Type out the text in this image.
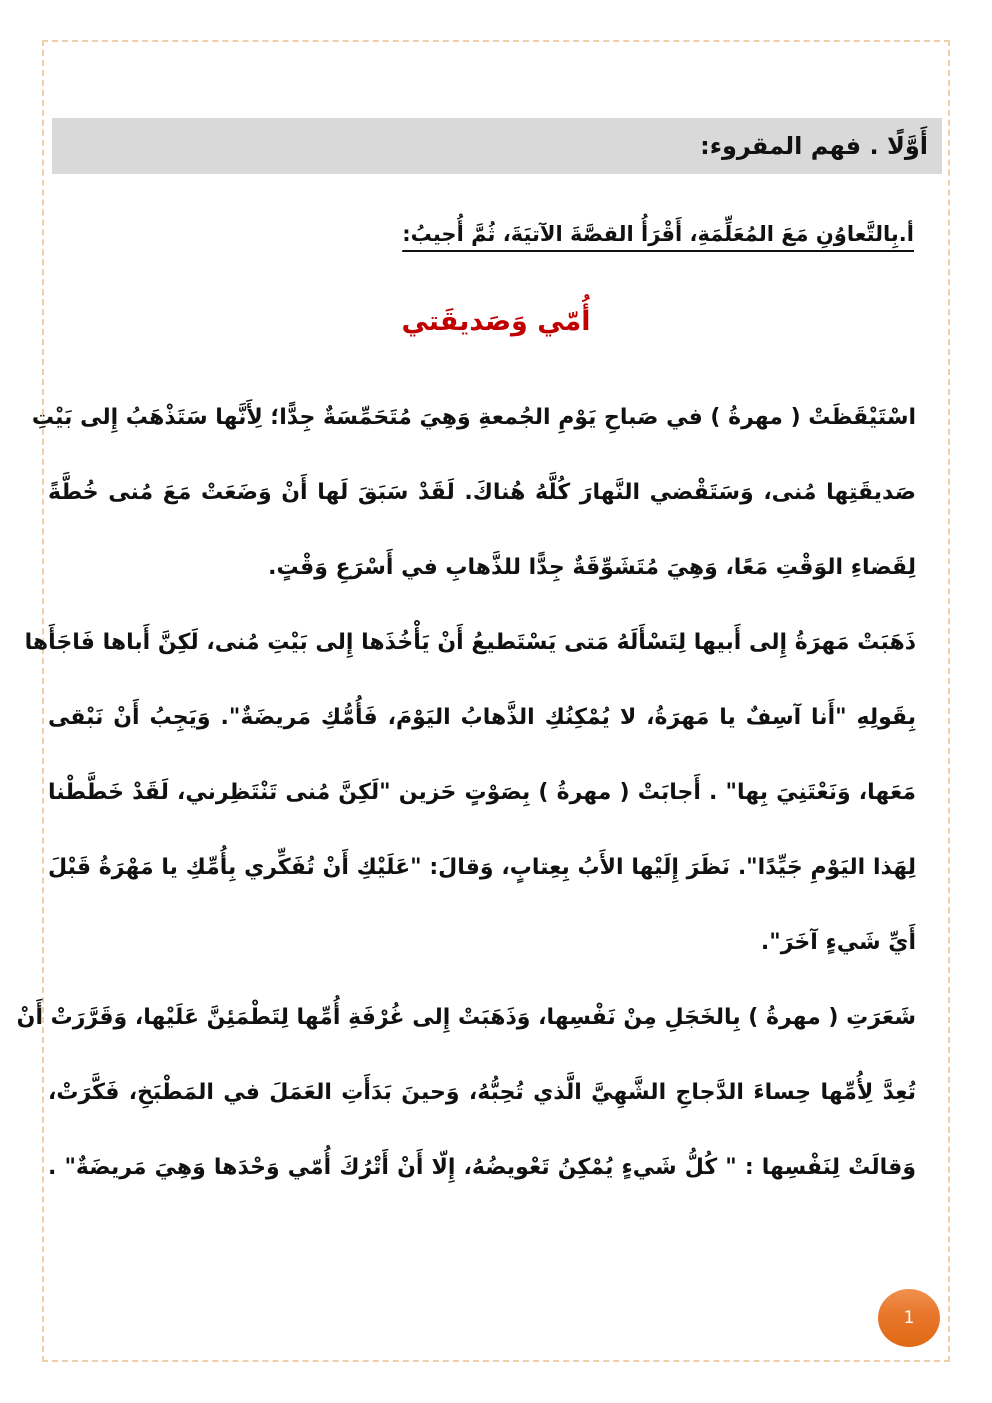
أَوَّلًا . فهم المقروء:
أ.بِالتَّعاوُنِ مَعَ المُعَلِّمَةِ، أَقْرَأُ القصَّةَ الآتيَةَ، ثُمَّ أُجيبُ:
أُمّي وَصَديقَتي
اسْتَيْقَظَتْ ( مهرةُ ) في صَباحِ يَوْمِ الجُمعةِ وَهِيَ مُتَحَمِّسَةٌ جِدًّا؛ لِأَنَّها سَتَذْهَبُ إِلى بَيْتِ
صَديقَتِها مُنى، وَسَتَقْضي النَّهارَ كُلَّهُ هُناكَ. لَقَدْ سَبَقَ لَها أَنْ وَضَعَتْ مَعَ مُنى خُطَّةً
لِقَضاءِ الوَقْتِ مَعًا، وَهِيَ مُتَشَوِّقَةٌ جِدًّا للذَّهابِ في أَسْرَعِ وَقْتٍ.
ذَهَبَتْ مَهرَةُ إِلى أَبيها لِتَسْأَلَهُ مَتى يَسْتَطيعُ أَنْ يَأْخُذَها إِلى بَيْتِ مُنى، لَكِنَّ أَباها فَاجَأَها
بِقَولِهِ "أَنا آسِفٌ يا مَهرَةُ، لا يُمْكِنُكِ الذَّهابُ اليَوْمَ، فَأُمُّكِ مَريضَةٌ". وَيَجِبُ أَنْ نَبْقى
مَعَها، وَنَعْتَنِيَ بِها" . أَجابَتْ ( مهرةُ ) بِصَوْتٍ حَزين "لَكِنَّ مُنى تَنْتَظِرني، لَقَدْ خَطَّطْنا
لِهَذا اليَوْمِ جَيِّدًا". نَظَرَ إِلَيْها الأَبُ بِعِتابٍ، وَقالَ: "عَلَيْكِ أَنْ تُفَكِّري بِأُمِّكِ يا مَهْرَةُ قَبْلَ
أَيِّ شَيءٍ آخَرَ".
شَعَرَتِ ( مهرةُ ) بِالخَجَلِ مِنْ نَفْسِها، وَذَهَبَتْ إِلى غُرْفَةِ أُمِّها لِتَطْمَئِنَّ عَلَيْها، وَقَرَّرَتْ أَنْ
تُعِدَّ لِأُمِّها حِساءَ الدَّجاجِ الشَّهِيَّ الَّذي تُحِبُّهُ، وَحينَ بَدَأَتِ العَمَلَ في المَطْبَخِ، فَكَّرَتْ،
وَقالَتْ لِنَفْسِها : " كُلُّ شَيءٍ يُمْكِنُ تَعْويضُهُ، إِلّا أَنْ أَتْرُكَ أُمّي وَحْدَها وَهِيَ مَريضَةٌ" .
1
